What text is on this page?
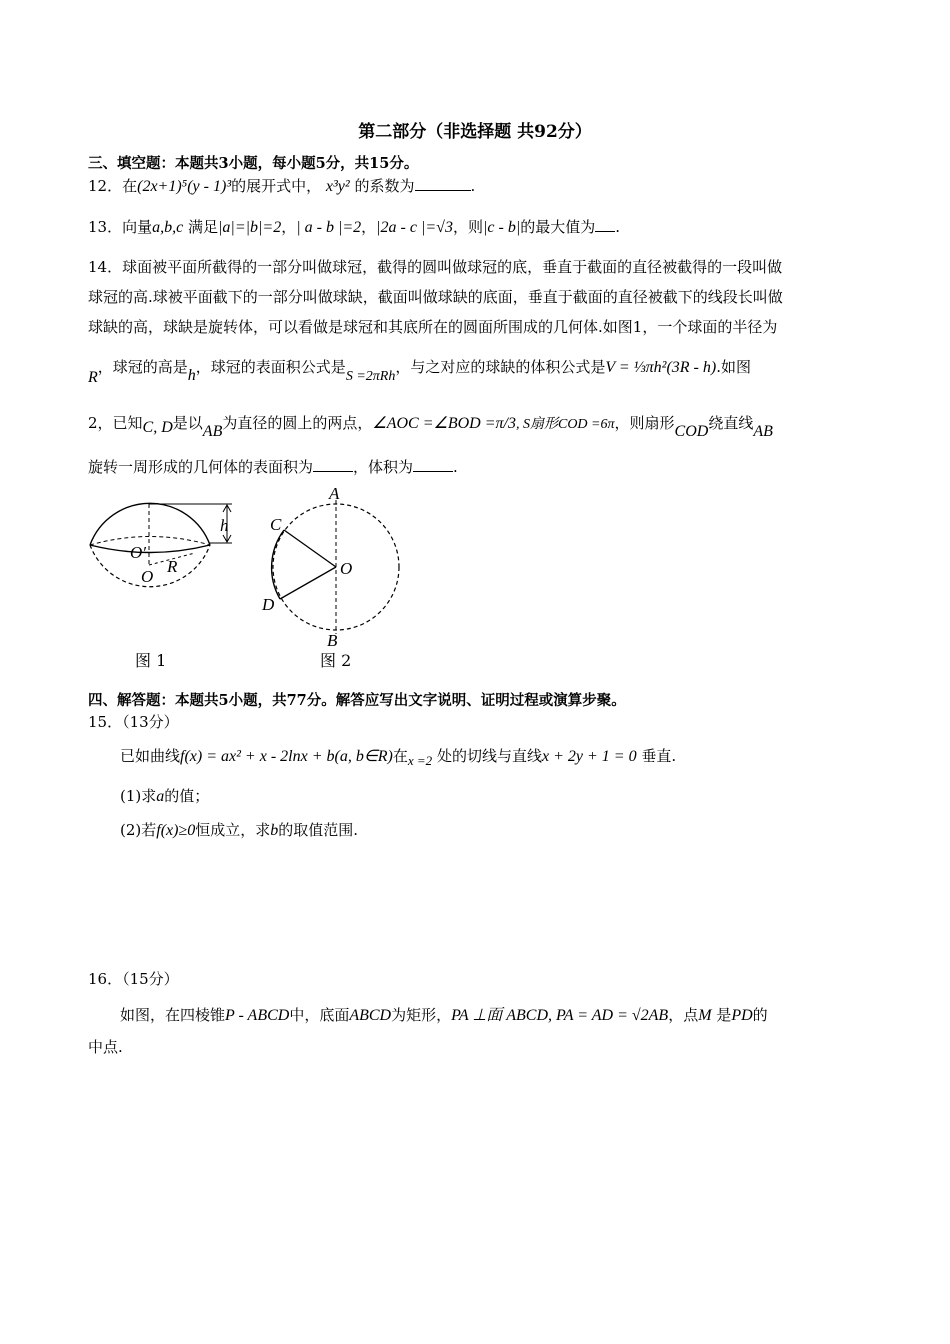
第二部分（非选择题 共92分）
三、填空题：本题共3小题，每小题5分，共15分。
12．在(2x+1)⁵(y - 1)³的展开式中， x³y² 的系数为	.
13．向量a,b,c 满足|a|=|b|=2，| a - b |=2，|2a - c |=√3，则|c - b|的最大值为 .
14．球面被平面所截得的一部分叫做球冠，截得的圆叫做球冠的底，垂直于截面的直径被截得的一段叫做
球冠的高.球被平面截下的一部分叫做球缺，截面叫做球缺的底面，垂直于截面的直径被截下的线段长叫做
球缺的高，球缺是旋转体，可以看做是球冠和其底所在的圆面所围成的几何体.如图1，一个球面的半径为
R，球冠的高是h，球冠的表面积公式是S =2πRh，与之对应的球缺的体积公式是V = ⅓πh²(3R - h).如图
2，已知C, D是以AB为直径的圆上的两点，∠AOC =∠BOD =π/3, S扇形COD =6π，则扇形COD绕直线AB
旋转一周形成的几何体的表面积为	，体积为	.
h
O′
O
R
图 1
A
B
C
D
O
图 2
四、解答题：本题共5小题，共77分。解答应写出文字说明、证明过程或演算步聚。
15．（13分）
已如曲线f(x) = ax² + x - 2lnx + b(a, b∈R)在x =2 处的切线与直线x + 2y + 1 = 0 垂直.
(1)求a的值；
(2)若f(x)≥0恒成立，求b的取值范围.
16．（15分）
如图，在四棱锥P - ABCD中，底面ABCD为矩形，PA ⊥面 ABCD, PA = AD = √2AB，点M 是PD的
中点.
